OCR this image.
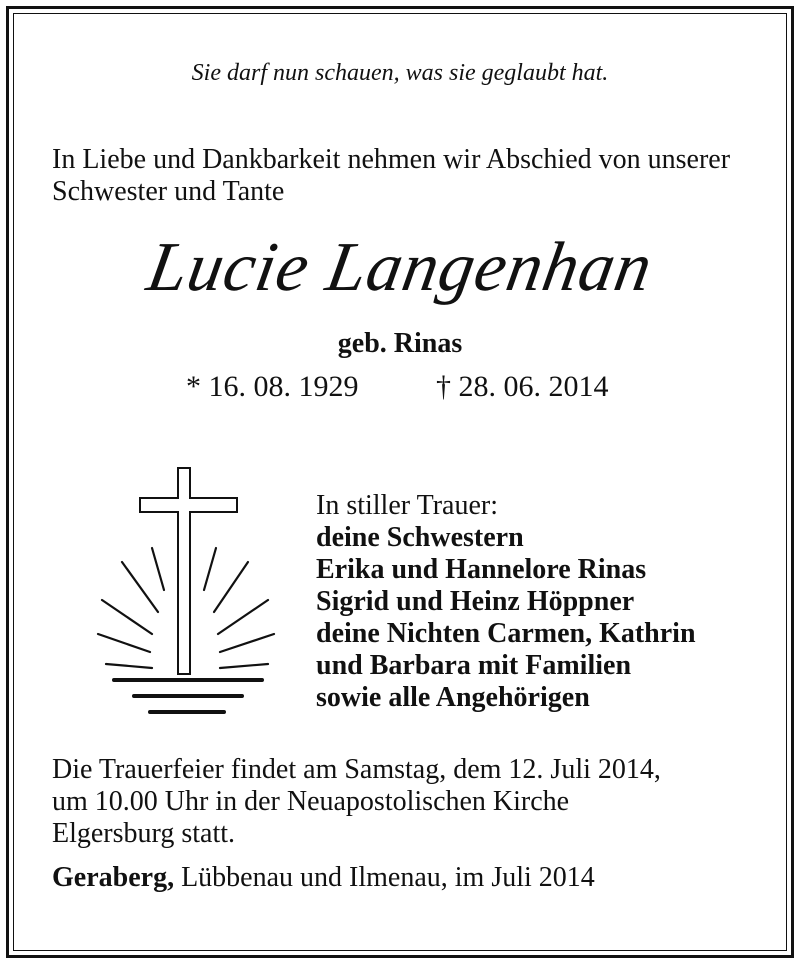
Sie darf nun schauen, was sie geglaubt hat.
In Liebe und Dankbarkeit nehmen wir Abschied von unserer
Schwester und Tante
Lucie Langenhan
geb. Rinas
* 16. 08. 1929	† 28. 06. 2014
In stiller Trauer:
deine Schwestern
Erika und Hannelore Rinas
Sigrid und Heinz Höppner
deine Nichten Carmen, Kathrin
und Barbara mit Familien
sowie alle Angehörigen
Die Trauerfeier findet am Samstag, dem 12. Juli 2014,
um 10.00 Uhr in der Neuapostolischen Kirche
Elgersburg statt.
Geraberg, Lübbenau und Ilmenau, im Juli 2014
